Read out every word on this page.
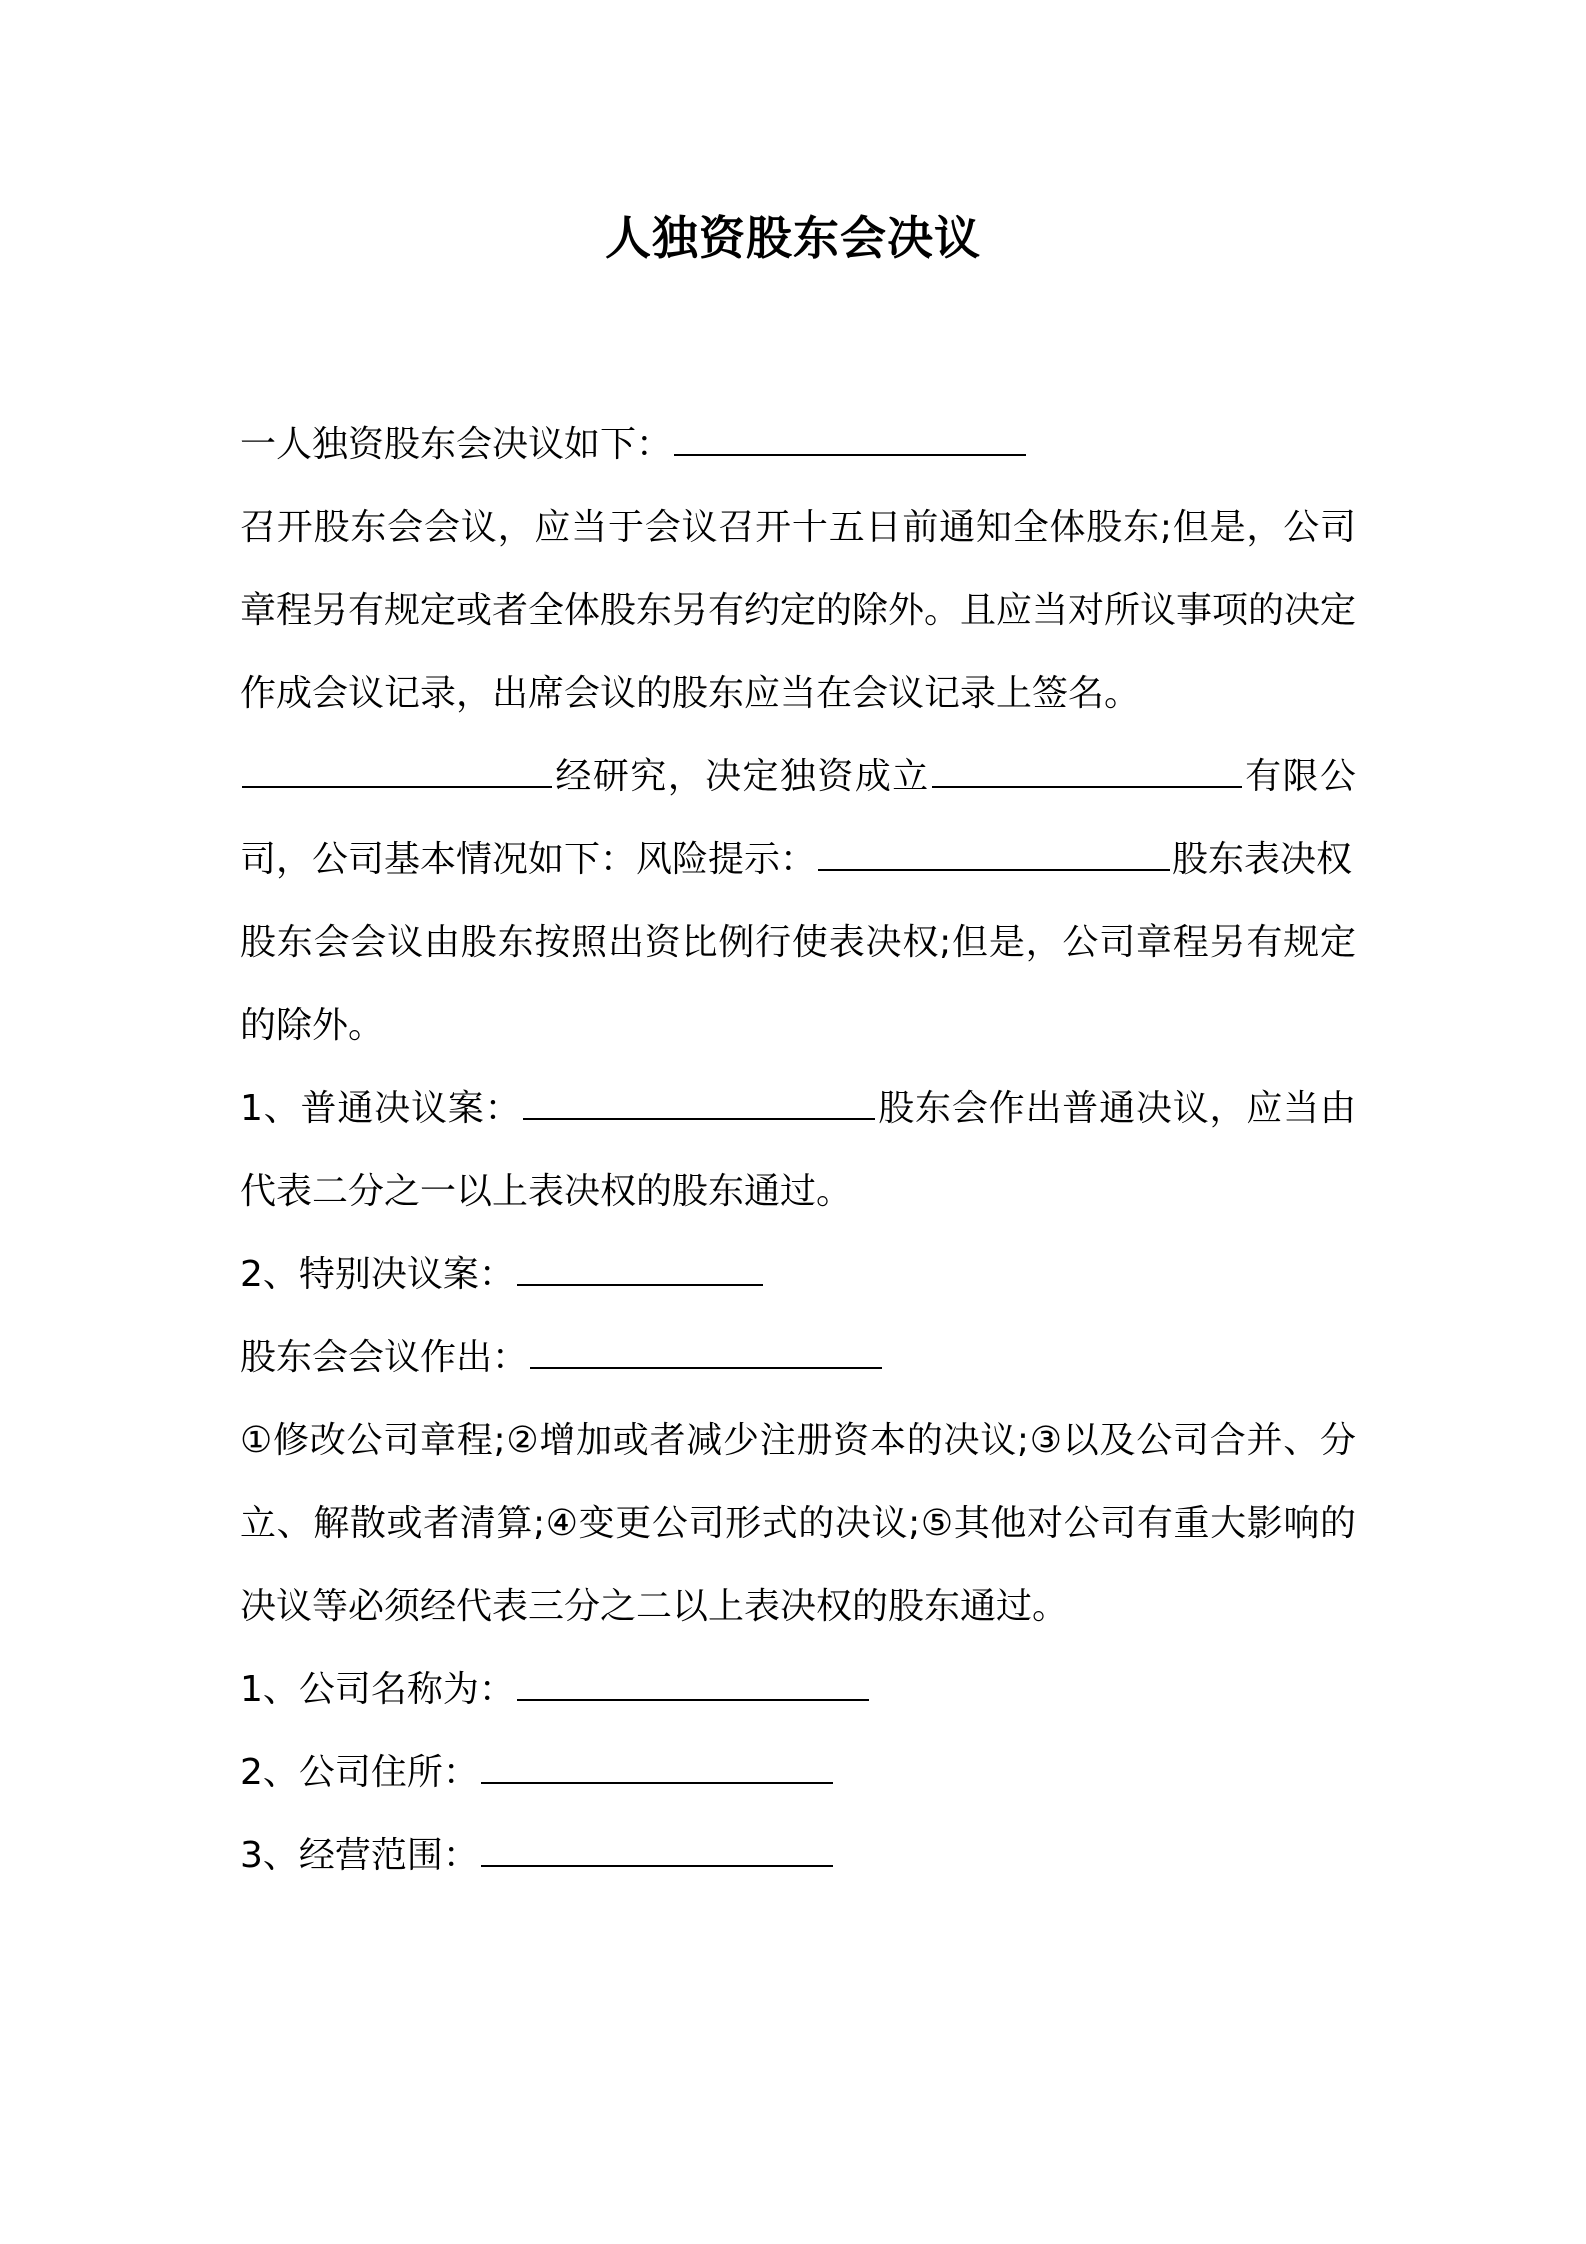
人独资股东会决议

一人独资股东会决议如下：

召开股东会会议，应当于会议召开十五日前通知全体股东;但是，公司章程另有规定或者全体股东另有约定的除外。且应当对所议事项的决定作成会议记录，出席会议的股东应当在会议记录上签名。

经研究，决定独资成立	有限公司，公司基本情况如下：风险提示：	股东表决权

股东会会议由股东按照出资比例行使表决权;但是，公司章程另有规定的除外。

1、普通决议案：	股东会作出普通决议，应当由代表二分之一以上表决权的股东通过。

2、特别决议案：

股东会会议作出：

①修改公司章程;②增加或者减少注册资本的决议;③以及公司合并、分立、解散或者清算;④变更公司形式的决议;⑤其他对公司有重大影响的决议等必须经代表三分之二以上表决权的股东通过。

1、公司名称为：

2、公司住所：

3、经营范围：
